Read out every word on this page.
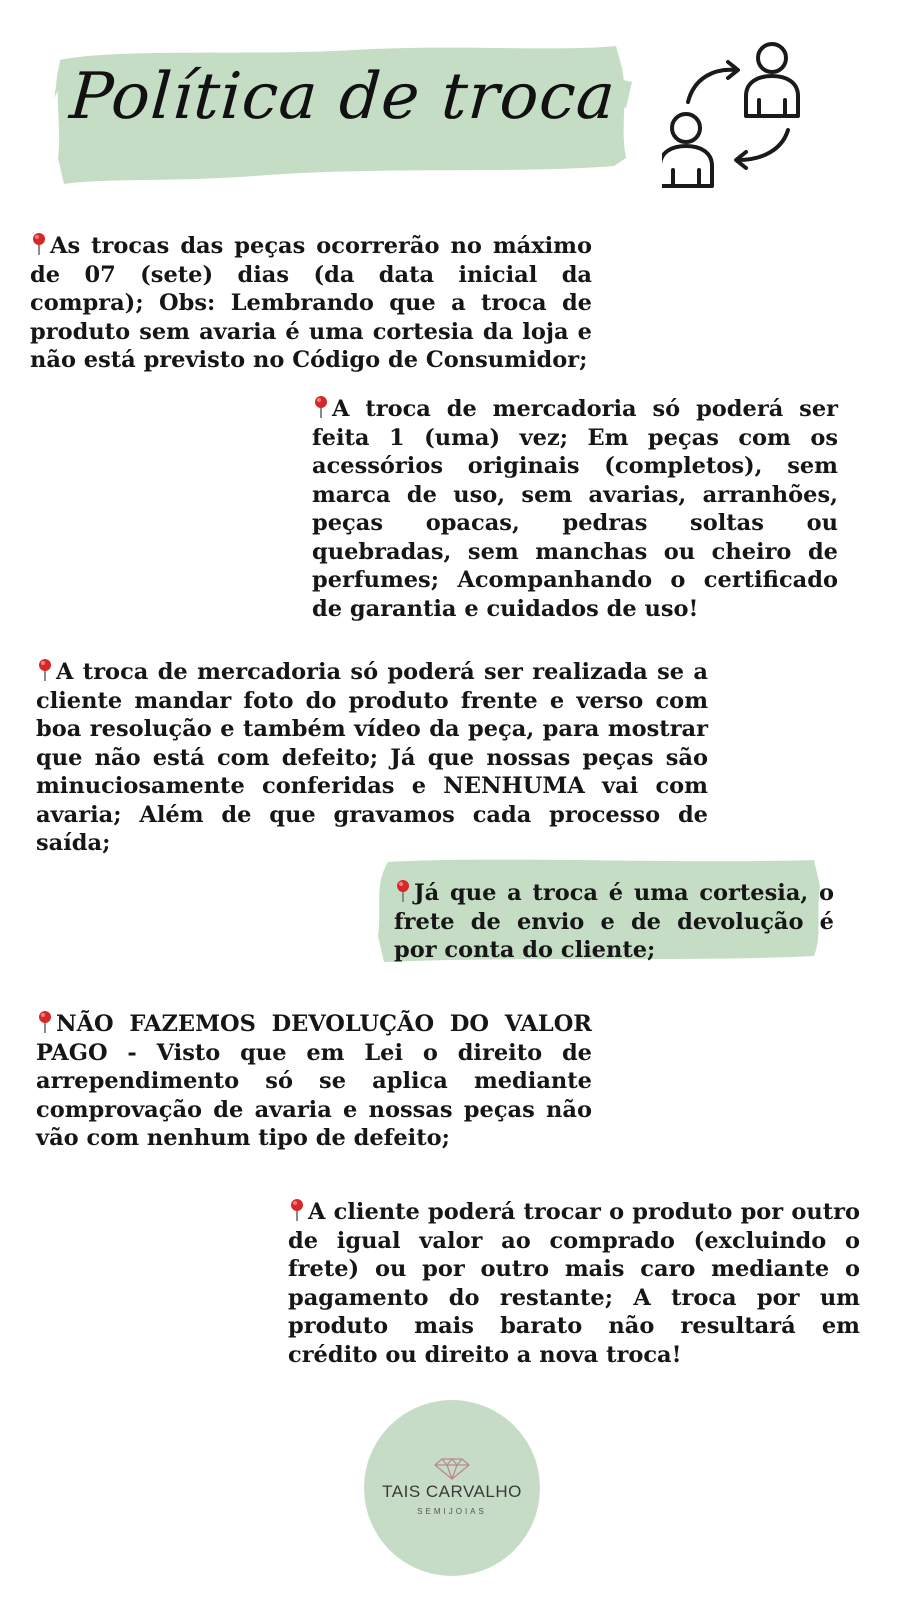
Política de troca
As trocas das peças ocorrerão no máximo de 07 (sete) dias (da data inicial da compra); Obs: Lembrando que a troca de produto sem avaria é uma cortesia da loja e não está previsto no Código de Consumidor;
A troca de mercadoria só poderá ser feita 1 (uma) vez; Em peças com os acessórios originais (completos), sem marca de uso, sem avarias, arranhões, peças opacas, pedras soltas ou quebradas, sem manchas ou cheiro de perfumes; Acompanhando o certificado de garantia e cuidados de uso!
A troca de mercadoria só poderá ser realizada se a cliente mandar foto do produto frente e verso com boa resolução e também vídeo da peça, para mostrar que não está com defeito; Já que nossas peças são minuciosamente conferidas e NENHUMA vai com avaria; Além de que gravamos cada processo de saída;
Já que a troca é uma cortesia, o frete de envio e de devolução é por conta do cliente;
NÃO FAZEMOS DEVOLUÇÃO DO VALOR PAGO - Visto que em Lei o direito de arrependimento só se aplica mediante comprovação de avaria e nossas peças não vão com nenhum tipo de defeito;
A cliente poderá trocar o produto por outro de igual valor ao comprado (excluindo o frete) ou por outro mais caro mediante o pagamento do restante; A troca por um produto mais barato não resultará em crédito ou direito a nova troca!
TAIS CARVALHO
SEMIJOIAS
